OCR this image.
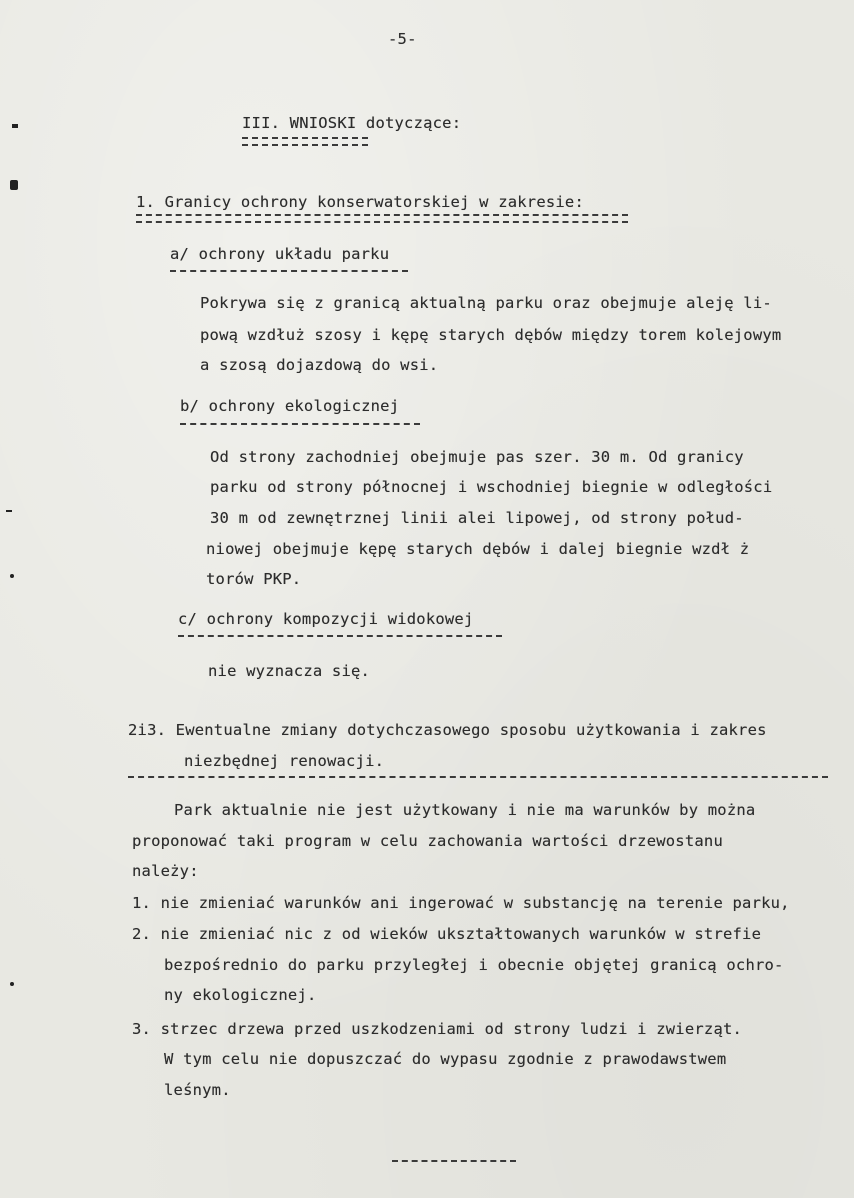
-5-
III. WNIOSKI dotyczące:
1. Granicy ochrony konserwatorskiej w zakresie:
a/ ochrony układu parku
Pokrywa się z granicą aktualną parku oraz obejmuje aleję li-
pową wzdłuż szosy i kępę starych dębów między torem kolejowym
a szosą dojazdową do wsi.
b/ ochrony ekologicznej
Od strony zachodniej obejmuje pas szer. 30 m. Od granicy
parku od strony północnej i wschodniej biegnie w odległości
30 m od zewnętrznej linii alei lipowej, od strony połud-
niowej obejmuje kępę starych dębów i dalej biegnie wzdł ż
torów PKP.
c/ ochrony kompozycji widokowej
nie wyznacza się.
2i3. Ewentualne zmiany dotychczasowego sposobu użytkowania i zakres
niezbędnej renowacji.
Park aktualnie nie jest użytkowany i nie ma warunków by można
proponować taki program w celu zachowania wartości drzewostanu
należy:
1. nie zmieniać warunków ani ingerować w substancję na terenie parku,
2. nie zmieniać nic z od wieków ukształtowanych warunków w strefie
bezpośrednio do parku przyległej i obecnie objętej granicą ochro-
ny ekologicznej.
3. strzec drzewa przed uszkodzeniami od strony ludzi i zwierząt.
W tym celu nie dopuszczać do wypasu zgodnie z prawodawstwem
leśnym.
